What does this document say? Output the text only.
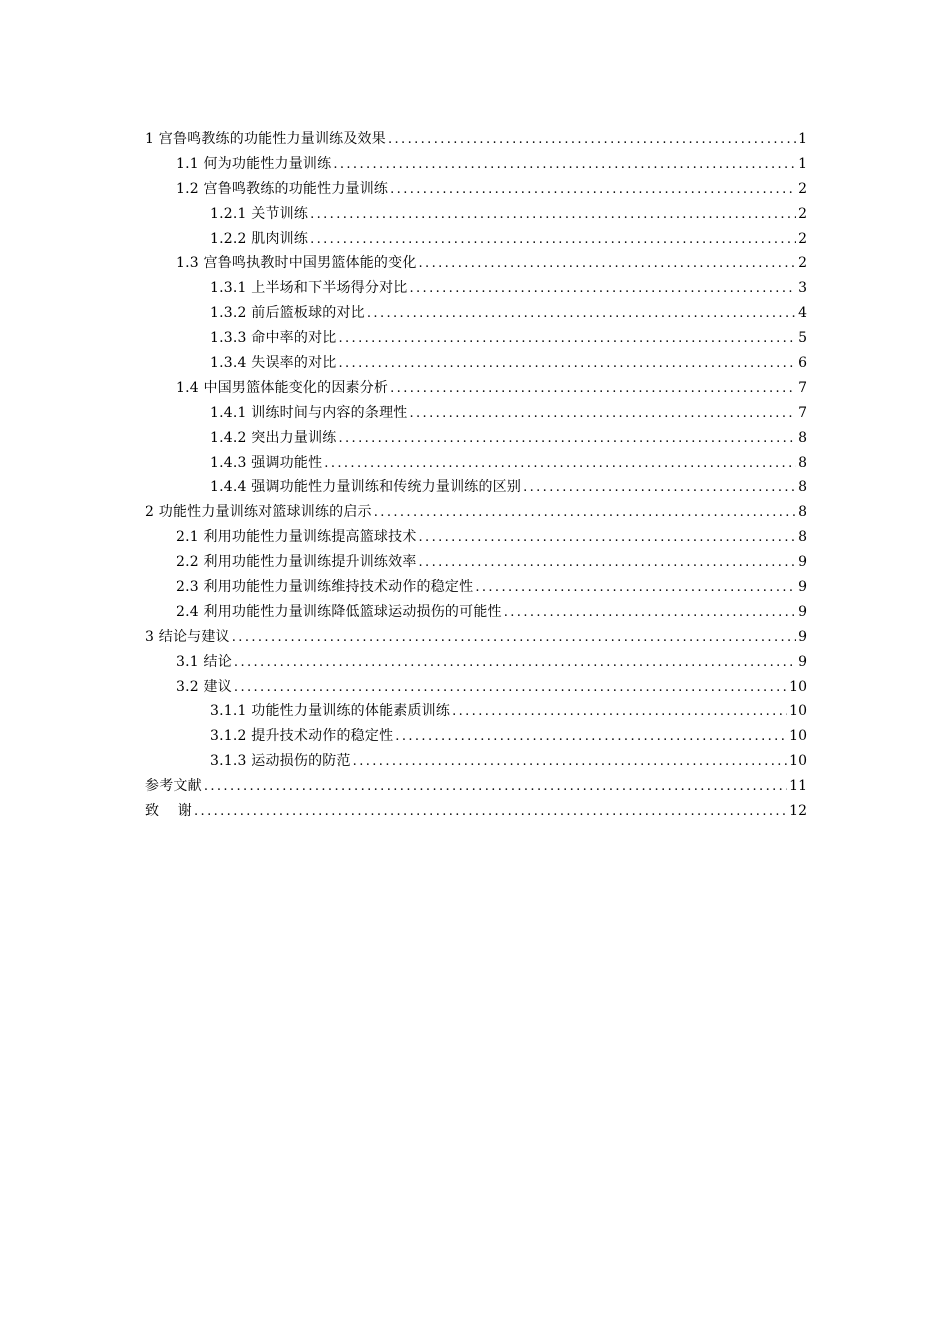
1 宫鲁鸣教练的功能性力量训练及效果 .....	1
1.1 何为功能性力量训练 .....	1
1.2 宫鲁鸣教练的功能性力量训练 .....	2
1.2.1 关节训练 .....	2
1.2.2 肌肉训练 .....	2
1.3 宫鲁鸣执教时中国男篮体能的变化 .....	2
1.3.1 上半场和下半场得分对比 .....	3
1.3.2 前后篮板球的对比 .....	4
1.3.3 命中率的对比 .....	5
1.3.4 失误率的对比 .....	6
1.4 中国男篮体能变化的因素分析 .....	7
1.4.1 训练时间与内容的条理性 .....	7
1.4.2 突出力量训练 .....	8
1.4.3 强调功能性 .....	8
1.4.4 强调功能性力量训练和传统力量训练的区别 .....	8
2 功能性力量训练对篮球训练的启示 .....	8
2.1 利用功能性力量训练提高篮球技术 .....	8
2.2 利用功能性力量训练提升训练效率 .....	9
2.3 利用功能性力量训练维持技术动作的稳定性 .....	9
2.4 利用功能性力量训练降低篮球运动损伤的可能性 .....	9
3 结论与建议 .....	9
3.1 结论 .....	9
3.2 建议 .....	10
3.1.1 功能性力量训练的体能素质训练 .....	10
3.1.2 提升技术动作的稳定性 .....	10
3.1.3 运动损伤的防范 .....	10
参考文献 .....	11
致    谢 .....	12
